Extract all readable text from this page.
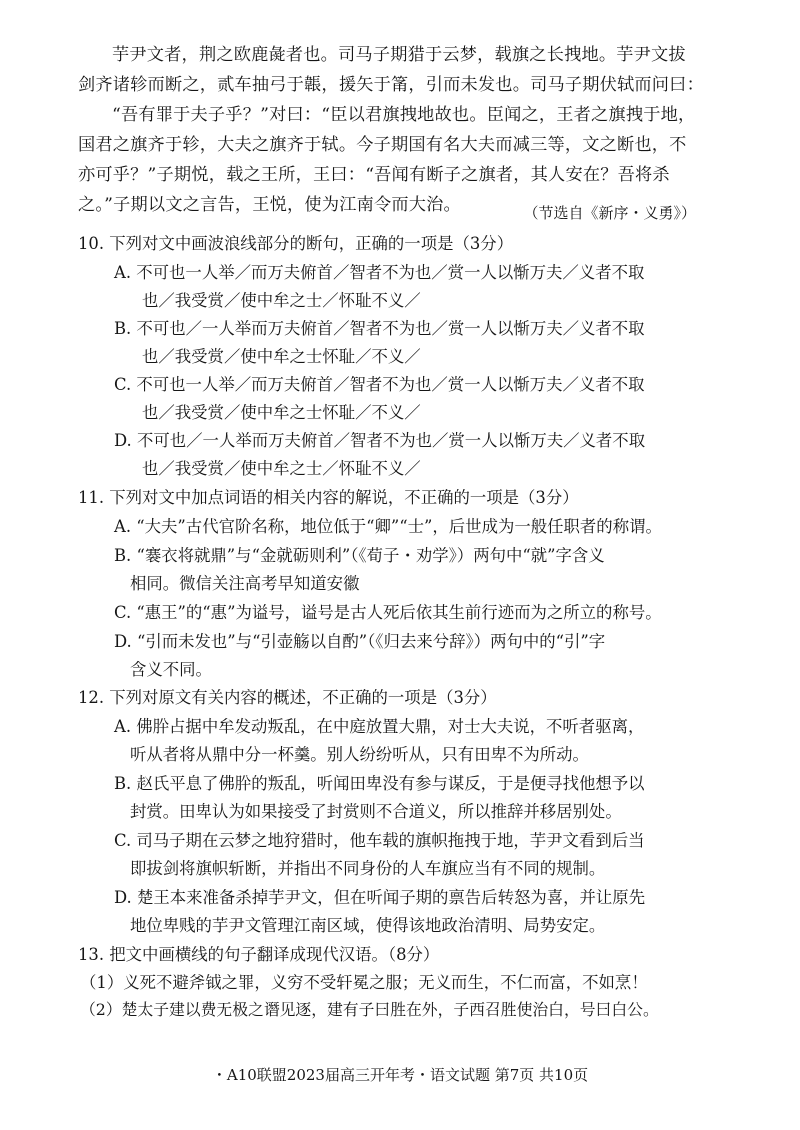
芋尹文者，荆之欧鹿彘者也。司马子期猎于云梦，载旗之长拽地。芋尹文拔
剑齐诸轸而断之，贰车抽弓于韔，援矢于筩，引而未发也。司马子期伏轼而问曰：
“吾有罪于夫子乎？”对曰：“臣以君旗拽地故也。臣闻之，王者之旗拽于地，
国君之旗齐于轸，大夫之旗齐于轼。今子期国有名大夫而减三等，文之断也，不
亦可乎？”子期悦，载之王所，王曰：“吾闻有断子之旗者，其人安在？吾将杀
之。”子期以文之言告，王悦，使为江南令而大治。	（节选自《新序・义勇》）
10. 下列对文中画波浪线部分的断句，正确的一项是（3分）
A. 不可也一人举／而万夫俯首／智者不为也／赏一人以惭万夫／义者不取
也／我受赏／使中牟之士／怀耻不义／
B. 不可也／一人举而万夫俯首／智者不为也／赏一人以惭万夫／义者不取
也／我受赏／使中牟之士怀耻／不义／
C. 不可也一人举／而万夫俯首／智者不为也／赏一人以惭万夫／义者不取
也／我受赏／使中牟之士怀耻／不义／
D. 不可也／一人举而万夫俯首／智者不为也／赏一人以惭万夫／义者不取
也／我受赏／使中牟之士／怀耻不义／
11. 下列对文中加点词语的相关内容的解说，不正确的一项是（3分）
A. “大夫”古代官阶名称，地位低于“卿”“士”，后世成为一般任职者的称谓。
B. “褰衣将就鼎”与“金就砺则利”（《荀子・劝学》）两句中“就”字含义
相同。微信关注高考早知道安徽
C. “惠王”的“惠”为谥号，谥号是古人死后依其生前行迹而为之所立的称号。
D. “引而未发也”与“引壶觞以自酌”（《归去来兮辞》）两句中的“引”字
含义不同。
12. 下列对原文有关内容的概述，不正确的一项是（3分）
A. 佛肸占据中牟发动叛乱，在中庭放置大鼎，对士大夫说，不听者驱离，
听从者将从鼎中分一杯羹。别人纷纷听从，只有田卑不为所动。
B. 赵氏平息了佛肸的叛乱，听闻田卑没有参与谋反，于是便寻找他想予以
封赏。田卑认为如果接受了封赏则不合道义，所以推辞并移居别处。
C. 司马子期在云梦之地狩猎时，他车载的旗帜拖拽于地，芋尹文看到后当
即拔剑将旗帜斩断，并指出不同身份的人车旗应当有不同的规制。
D. 楚王本来准备杀掉芋尹文，但在听闻子期的禀告后转怒为喜，并让原先
地位卑贱的芋尹文管理江南区域，使得该地政治清明、局势安定。
13. 把文中画横线的句子翻译成现代汉语。（8分）
（1）义死不避斧钺之罪，义穷不受轩冕之服；无义而生，不仁而富，不如烹！
（2）楚太子建以费无极之谮见逐，建有子曰胜在外，子西召胜使治白，号曰白公。
・A10联盟2023届高三开年考・语文试题 第7页 共10页
